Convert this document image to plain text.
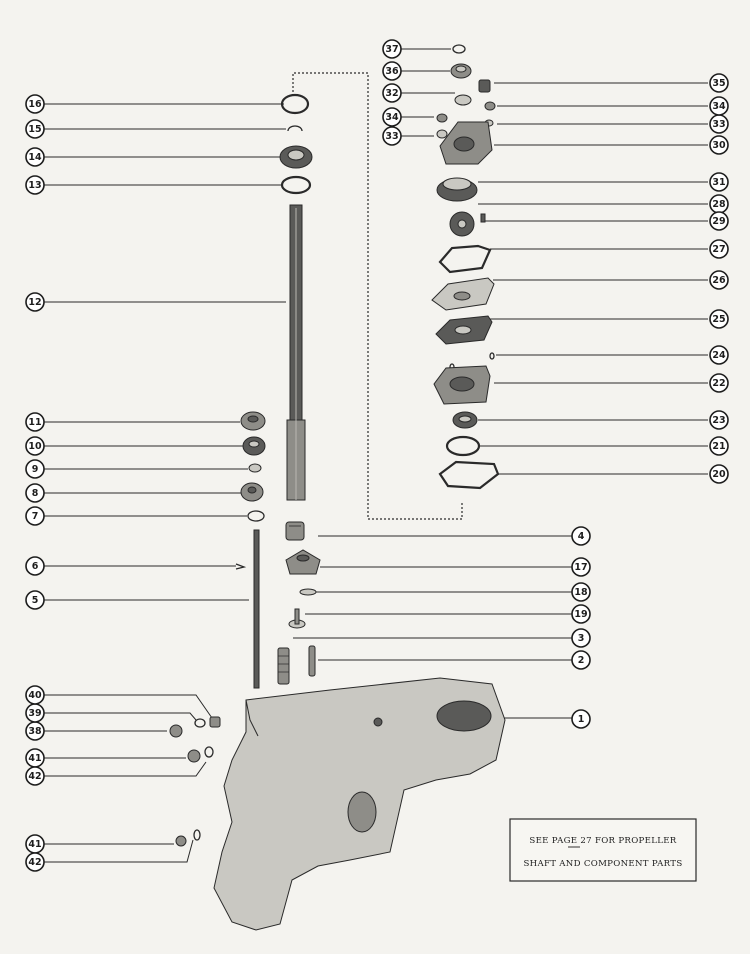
1
2
3
4
5
6
7
8
9
10
11
12
13
14
15
16
17
18
19
20
21
22
23
24
25
26
27
28
29
30
31
32
33
33
34
34
35
36
37
38
39
40
41
41
42
42
SEE PAGE 27 FOR PROPELLER
SHAFT AND COMPONENT PARTS
